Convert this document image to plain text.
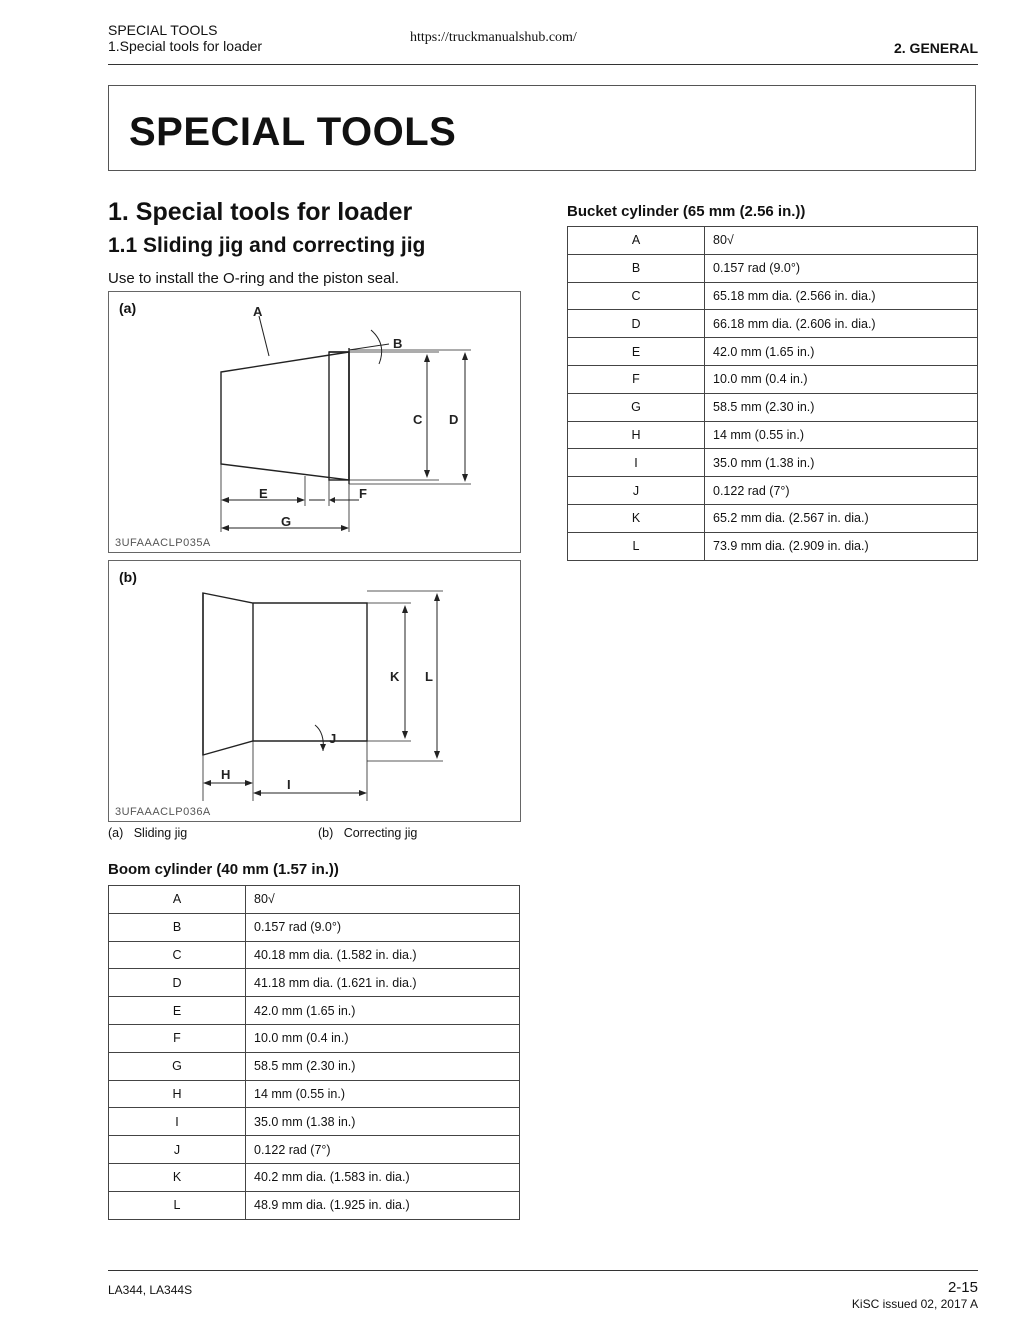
SPECIAL TOOLS
1.Special tools for loader
https://truckmanualshub.com/
2. GENERAL
SPECIAL TOOLS
1. Special tools for loader
1.1 Sliding jig and correcting jig
Use to install the O-ring and the piston seal.
(a)
3UFAAACLP035A
A
B
C D
E	F
G
(b)
3UFAAACLP036A
K L
J
H
I
(a) Sliding jig	(b) Correcting jig
Boom cylinder (40 mm (1.57 in.))
A	80√
B	0.157 rad (9.0°)
C	40.18 mm dia. (1.582 in. dia.)
D	41.18 mm dia. (1.621 in. dia.)
E	42.0 mm (1.65 in.)
F	10.0 mm (0.4 in.)
G	58.5 mm (2.30 in.)
H	14 mm (0.55 in.)
I	35.0 mm (1.38 in.)
J	0.122 rad (7°)
K	40.2 mm dia. (1.583 in. dia.)
L	48.9 mm dia. (1.925 in. dia.)
Bucket cylinder (65 mm (2.56 in.))
A	80√
B	0.157 rad (9.0°)
C	65.18 mm dia. (2.566 in. dia.)
D	66.18 mm dia. (2.606 in. dia.)
E	42.0 mm (1.65 in.)
F	10.0 mm (0.4 in.)
G	58.5 mm (2.30 in.)
H	14 mm (0.55 in.)
I	35.0 mm (1.38 in.)
J	0.122 rad (7°)
K	65.2 mm dia. (2.567 in. dia.)
L	73.9 mm dia. (2.909 in. dia.)
LA344, LA344S	2-15
KiSC issued 02, 2017 A
